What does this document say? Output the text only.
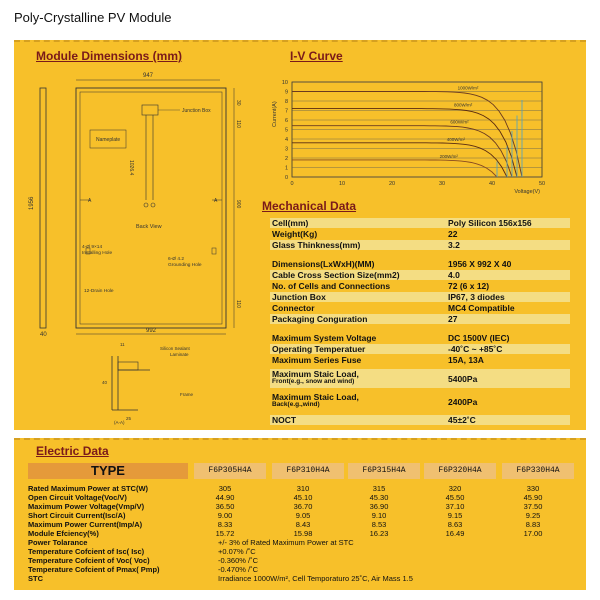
Poly-Crystalline PV Module
Module Dimensions (mm)
947
Junction Box
Nameplate
A	A
Back View
4-Ø 9×14 Installing Hole
6-Ø 4.2 Grounding Hole
12-Drain Hole
992
1956
40
30
110
1026.4
900
110
Silicon Sealant
Laminate
Frame
11
40
25
(A-A)
I-V Curve
0
1
2
3
4
5
6
7
8
9
10
0	10	20	30	40	50
Current(A)
Voltage(V)
1000W/m²
800W/m²
600W/m²
400W/m²
200W/m²
Mechanical Data
Cell(mm)	Poly Silicon 156x156
Weight(Kg)	22
Glass Thinkness(mm)	3.2
Dimensions(LxWxH)(MM)	1956 X 992 X 40
Cable Cross Section Size(mm2)	4.0
No. of Cells and Connections	72 (6 x 12)
Junction Box	IP67, 3 diodes
Connector	MC4 Compatible
Packaging Conguration	27
Maximum System Voltage	DC 1500V (IEC)
Operating Temperatuer	-40˚C ~ +85˚C
Maximum Series Fuse	15A, 13A
Maximum Staic Load,
Front(e.g., snow and wind)	5400Pa
Maximum Staic Load,
Back(e.g.,wind)	2400Pa
NOCT	45±2˚C
Electric Data
TYPE	F6P305H4A	F6P310H4A	F6P315H4A	F6P320H4A	F6P330H4A
Rated Maximum Power at STC(W)	305	310	315	320	330
Open Circuit Voltage(Voc/V)	44.90	45.10	45.30	45.50	45.90
Maximum Power Voltage(Vmp/V)	36.50	36.70	36.90	37.10	37.50
Short Circuit Current(Isc/A)	9.00	9.05	9.10	9.15	9.25
Maximum Power Current(Imp/A)	8.33	8.43	8.53	8.63	8.83
Module Efciency(%)	15.72	15.98	16.23	16.49	17.00
Power Tolarance	+/- 3% of Rated Maximum Power at STC
Temperature Cofcient of Isc( Isc)	+0.07% /˚C
Temperature Cofcient of Voc( Voc)	-0.360% /˚C
Temperature Cofcient of Pmax( Pmp)	-0.470% /˚C
STC	Irradiance 1000W/m², Cell Temporaturo 25˚C, Air Mass 1.5
